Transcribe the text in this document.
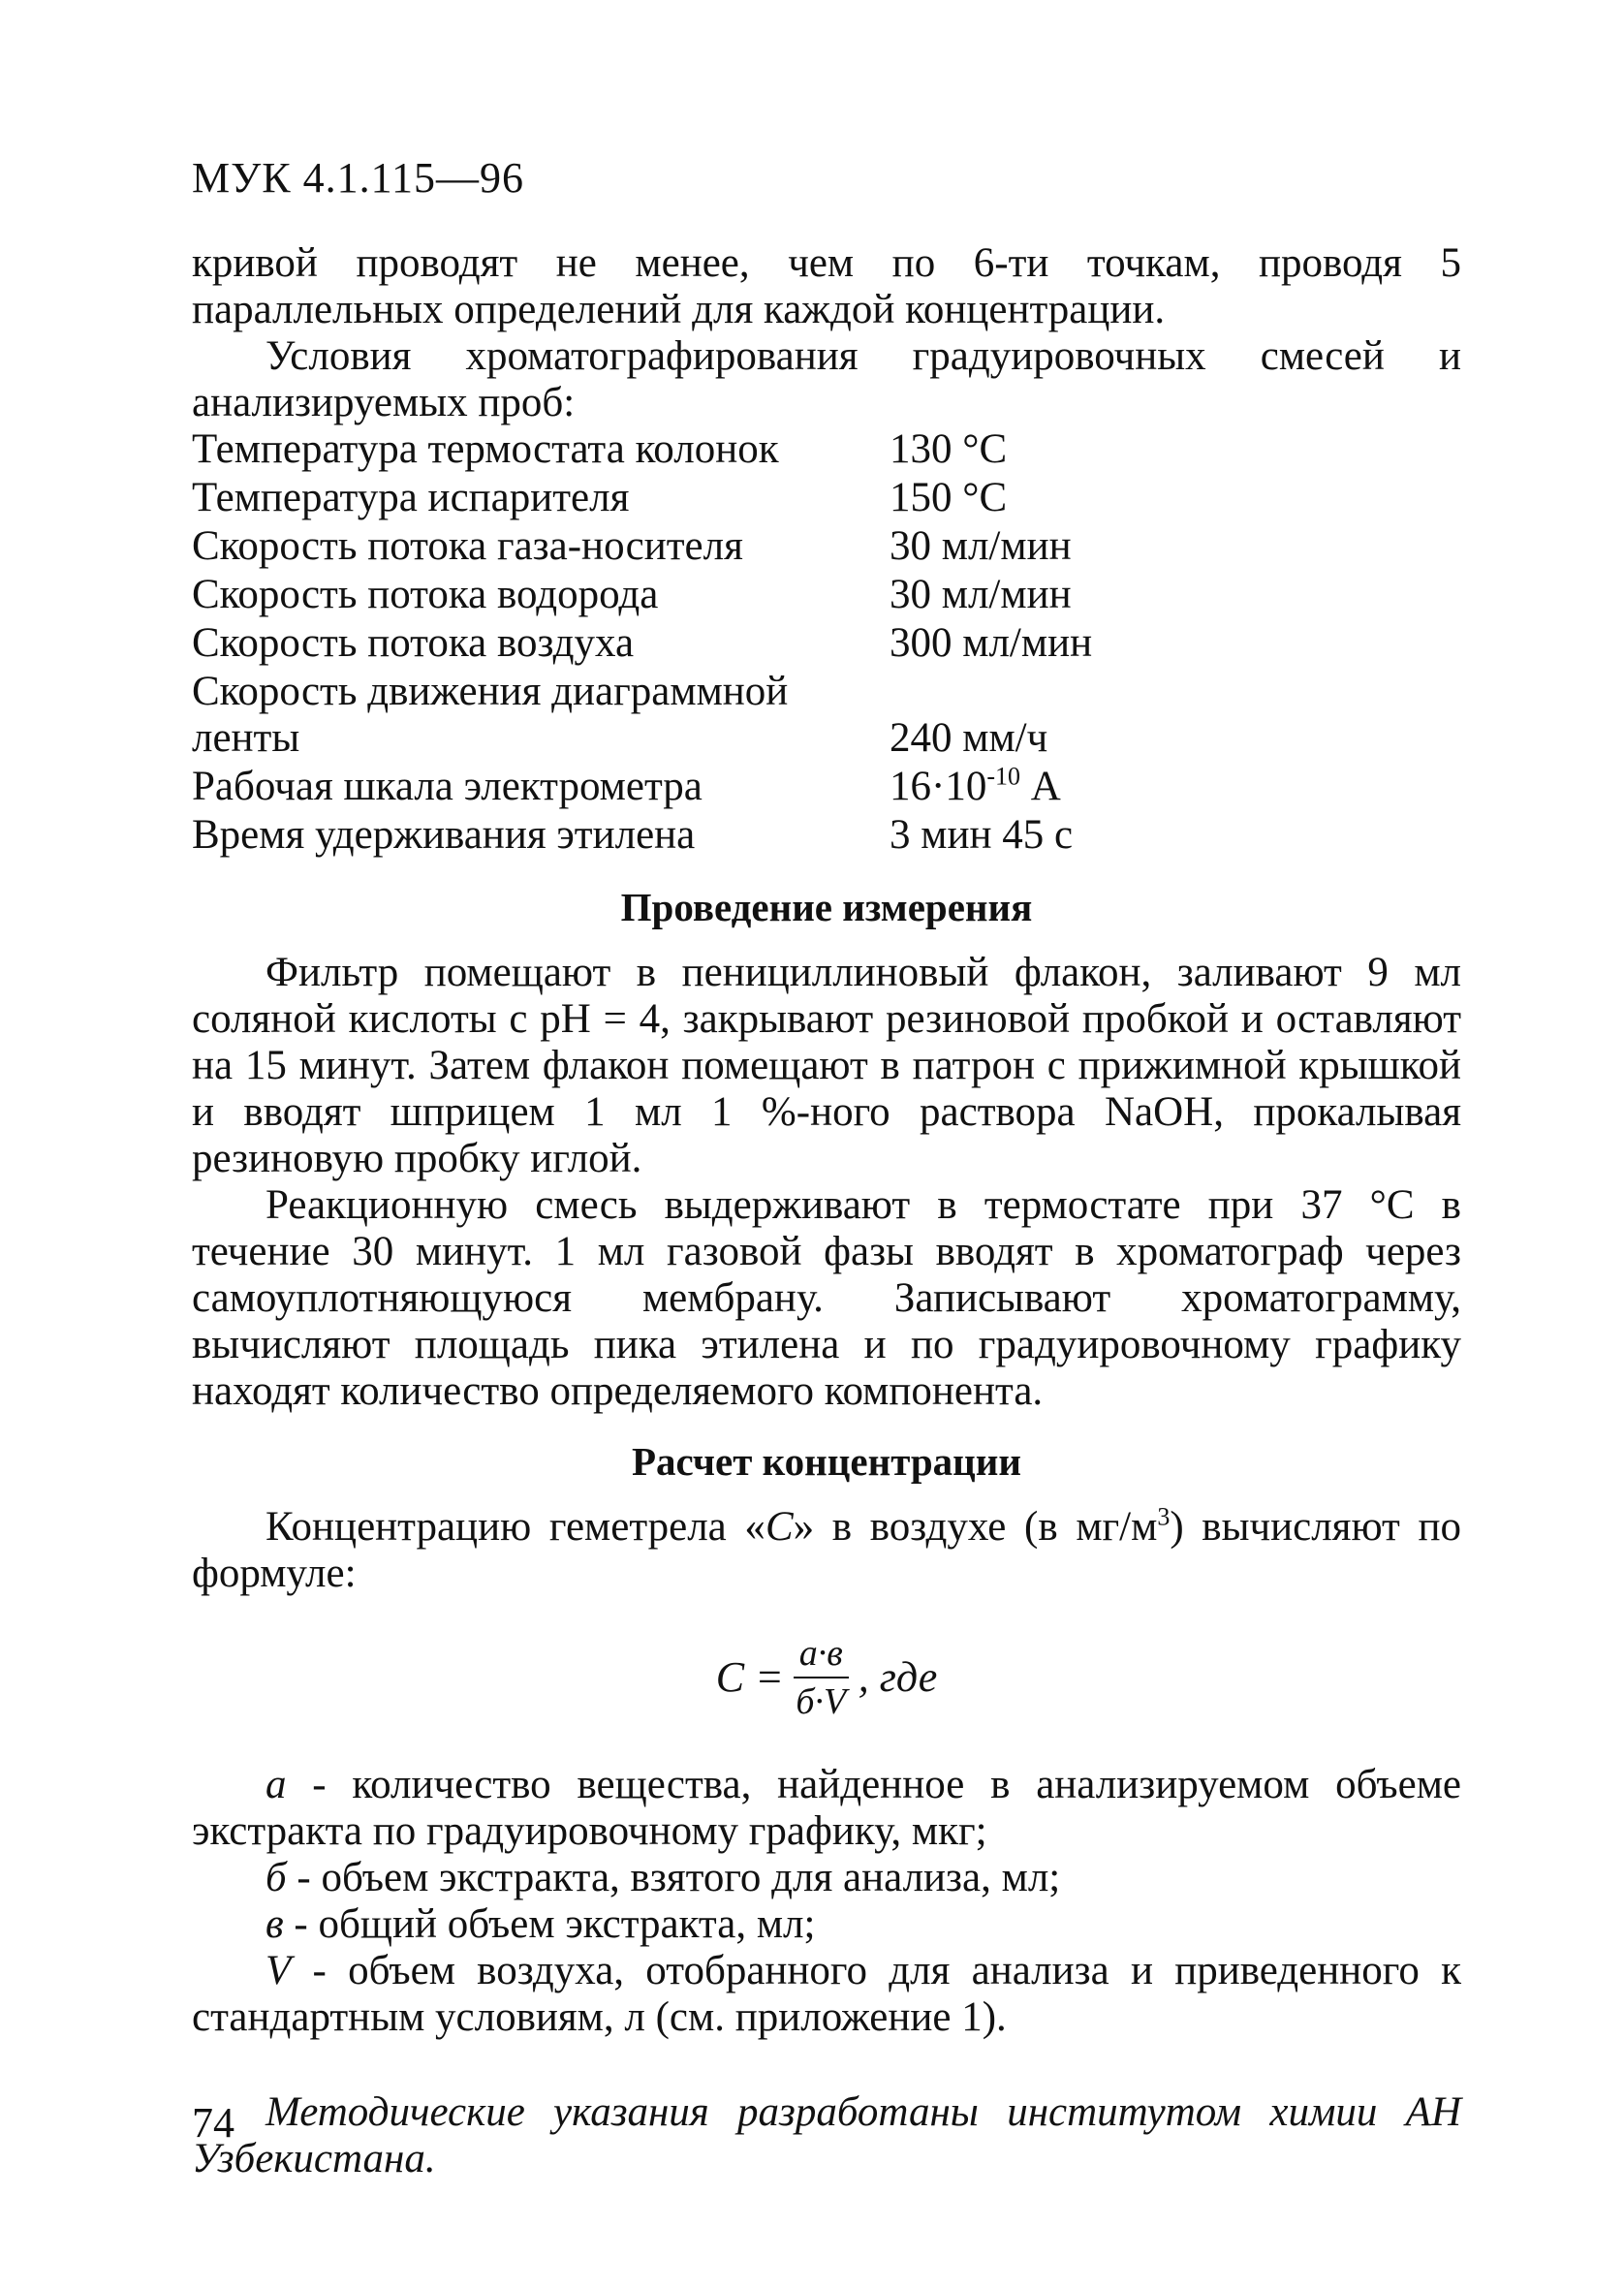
МУК 4.1.115—96

кривой проводят не менее, чем по 6-ти точкам, проводя 5 параллельных определений для каждой концентрации.

Условия хроматографирования градуировочных смесей и анализируемых проб:

Температура термостата колонок	130 °С
Температура испарителя	150 °С
Скорость потока газа-носителя	30 мл/мин
Скорость потока водорода	30 мл/мин
Скорость потока воздуха	300 мл/мин
Скорость движения диаграммной ленты	240 мм/ч
Рабочая шкала электрометра	$16\cdot 10^{-10}$ А
Время удерживания этилена	3 мин 45 с
Проведение измерения

Фильтр помещают в пенициллиновый флакон, заливают 9 мл соляной кислоты с рН = 4, закрывают резиновой пробкой и оставляют на 15 минут. Затем флакон помещают в патрон с прижимной крышкой и вводят шприцем 1 мл 1 %-ного раствора NaOH, прокалывая резиновую пробку иглой.

Реакционную смесь выдерживают в термостате при 37 °С в течение 30 минут. 1 мл газовой фазы вводят в хроматограф через самоуплотняющуюся мембрану. Записывают хроматограмму, вычисляют площадь пика этилена и по градуировочному графику находят количество определяемого компонента.

Расчет концентрации

Концентрацию геметрела «С» в воздухе (в $мг/м^3$) вычисляют по формуле:

$С = \frac{а\cdot в}{б\cdot V}$ , где

а - количество вещества, найденное в анализируемом объеме экстракта по градуировочному графику, мкг;

б - объем экстракта, взятого для анализа, мл;

в - общий объем экстракта, мл;

V - объем воздуха, отобранного для анализа и приведенного к стандартным условиям, л (см. приложение 1).

Методические указания разработаны институтом химии АН Узбекистана.

74
